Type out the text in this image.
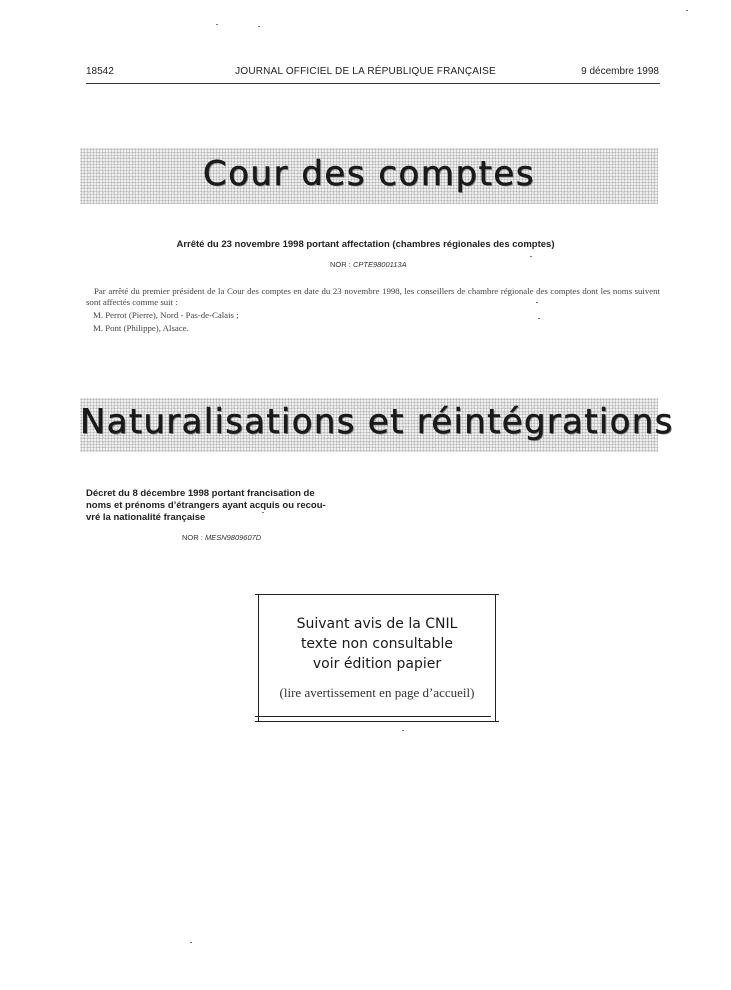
18542	JOURNAL OFFICIEL DE LA RÉPUBLIQUE FRANÇAISE	9 décembre 1998
Cour des comptes
Arrêté du 23 novembre 1998 portant affectation (chambres régionales des comptes)
NOR : CPTE9800113A
Par arrêté du premier président de la Cour des comptes en date du 23 novembre 1998, les conseillers de chambre régionale des comptes dont les noms suivent sont affectés comme suit :
M. Perrot (Pierre), Nord - Pas-de-Calais ;
M. Pont (Philippe), Alsace.
Naturalisations et réintégrations
Décret du 8 décembre 1998 portant francisation de
noms et prénoms d’étrangers ayant acquis ou recou-
vré la nationalité française
NOR : MESN9809607D
Suivant avis de la CNIL
texte non consultable
voir édition papier
(lire avertissement en page d’accueil)
